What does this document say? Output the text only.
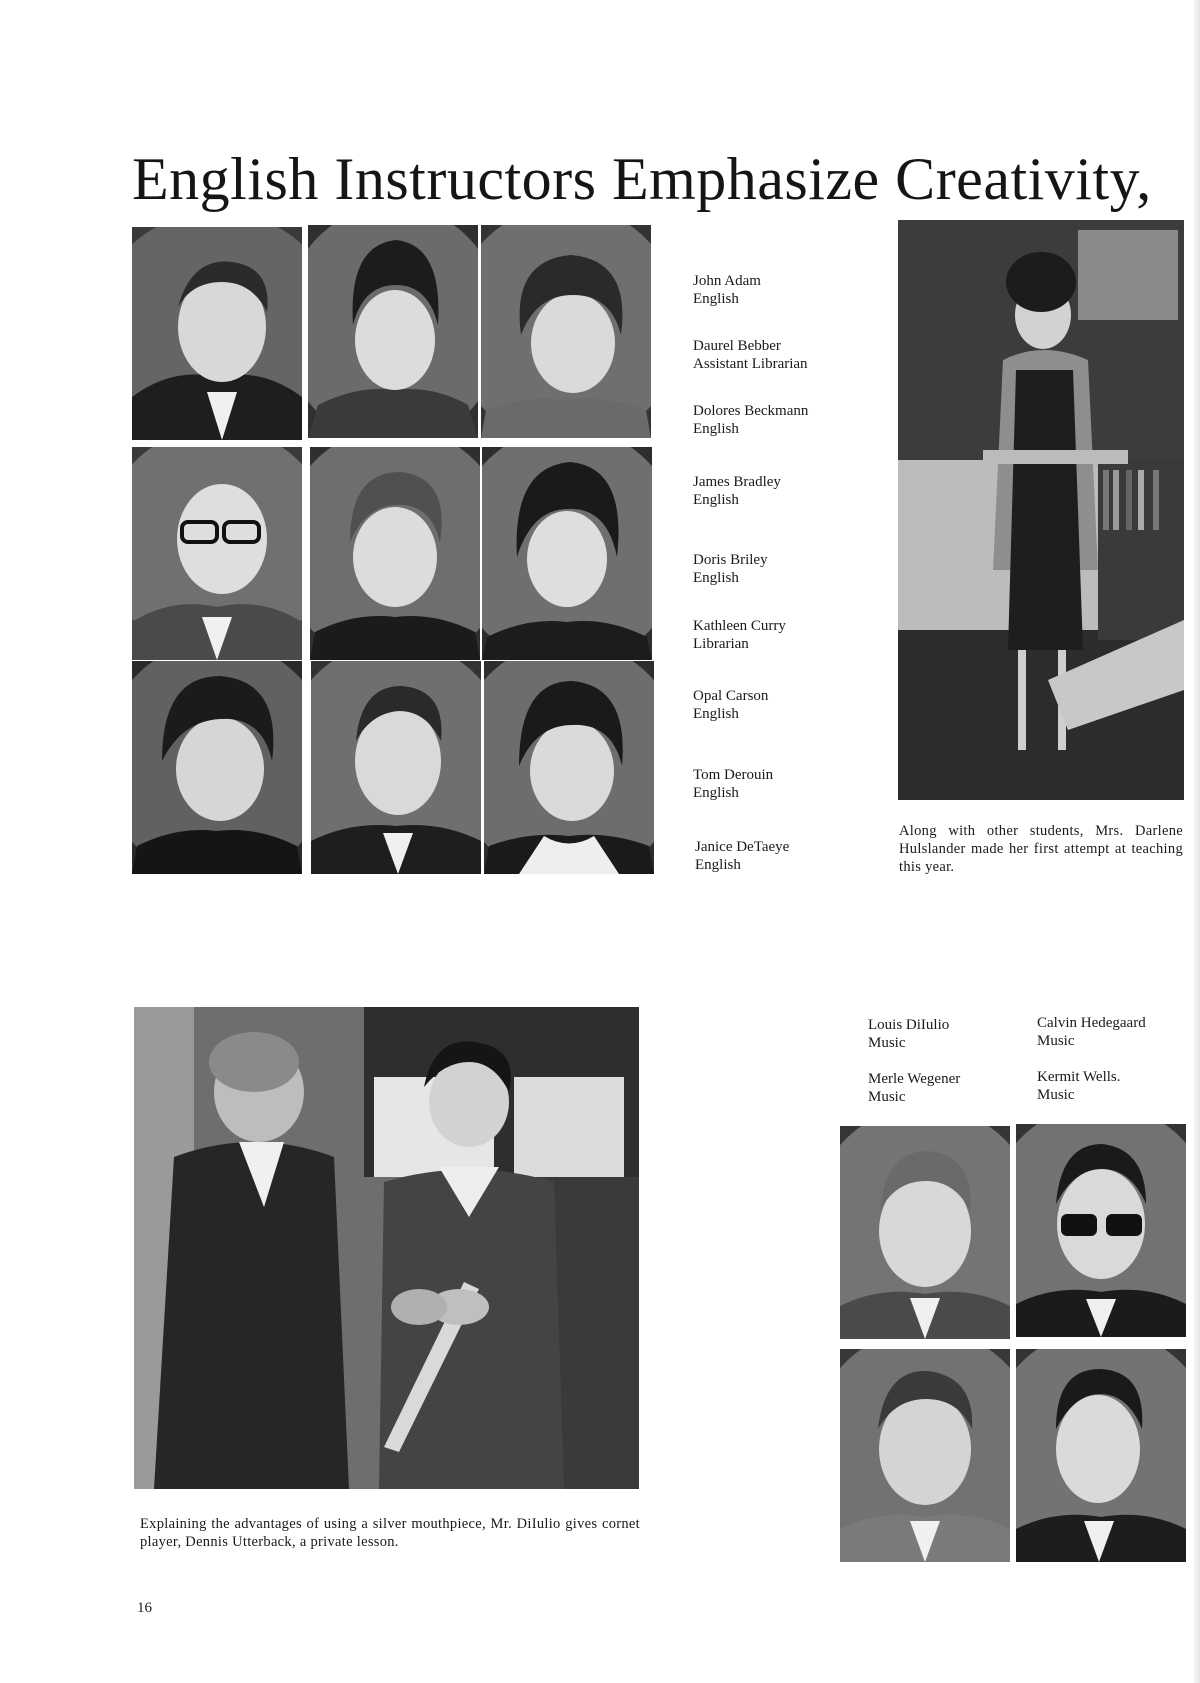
English Instructors Emphasize Creativity,
John Adam
English
Daurel Bebber
Assistant Librarian
Dolores Beckmann
English
James Bradley
English
Doris Briley
English
Kathleen Curry
Librarian
Opal Carson
English
Tom Derouin
English
Janice DeTaeye
English
Along with other students, Mrs. Darlene Hulslander made her first attempt at teaching this year.
Explaining the advantages of using a silver mouthpiece, Mr. DiIulio gives cornet player, Dennis Utterback, a private lesson.
Louis DiIulio
Music
Calvin Hedegaard
Music
Merle Wegener
Music
Kermit Wells.
Music
16
